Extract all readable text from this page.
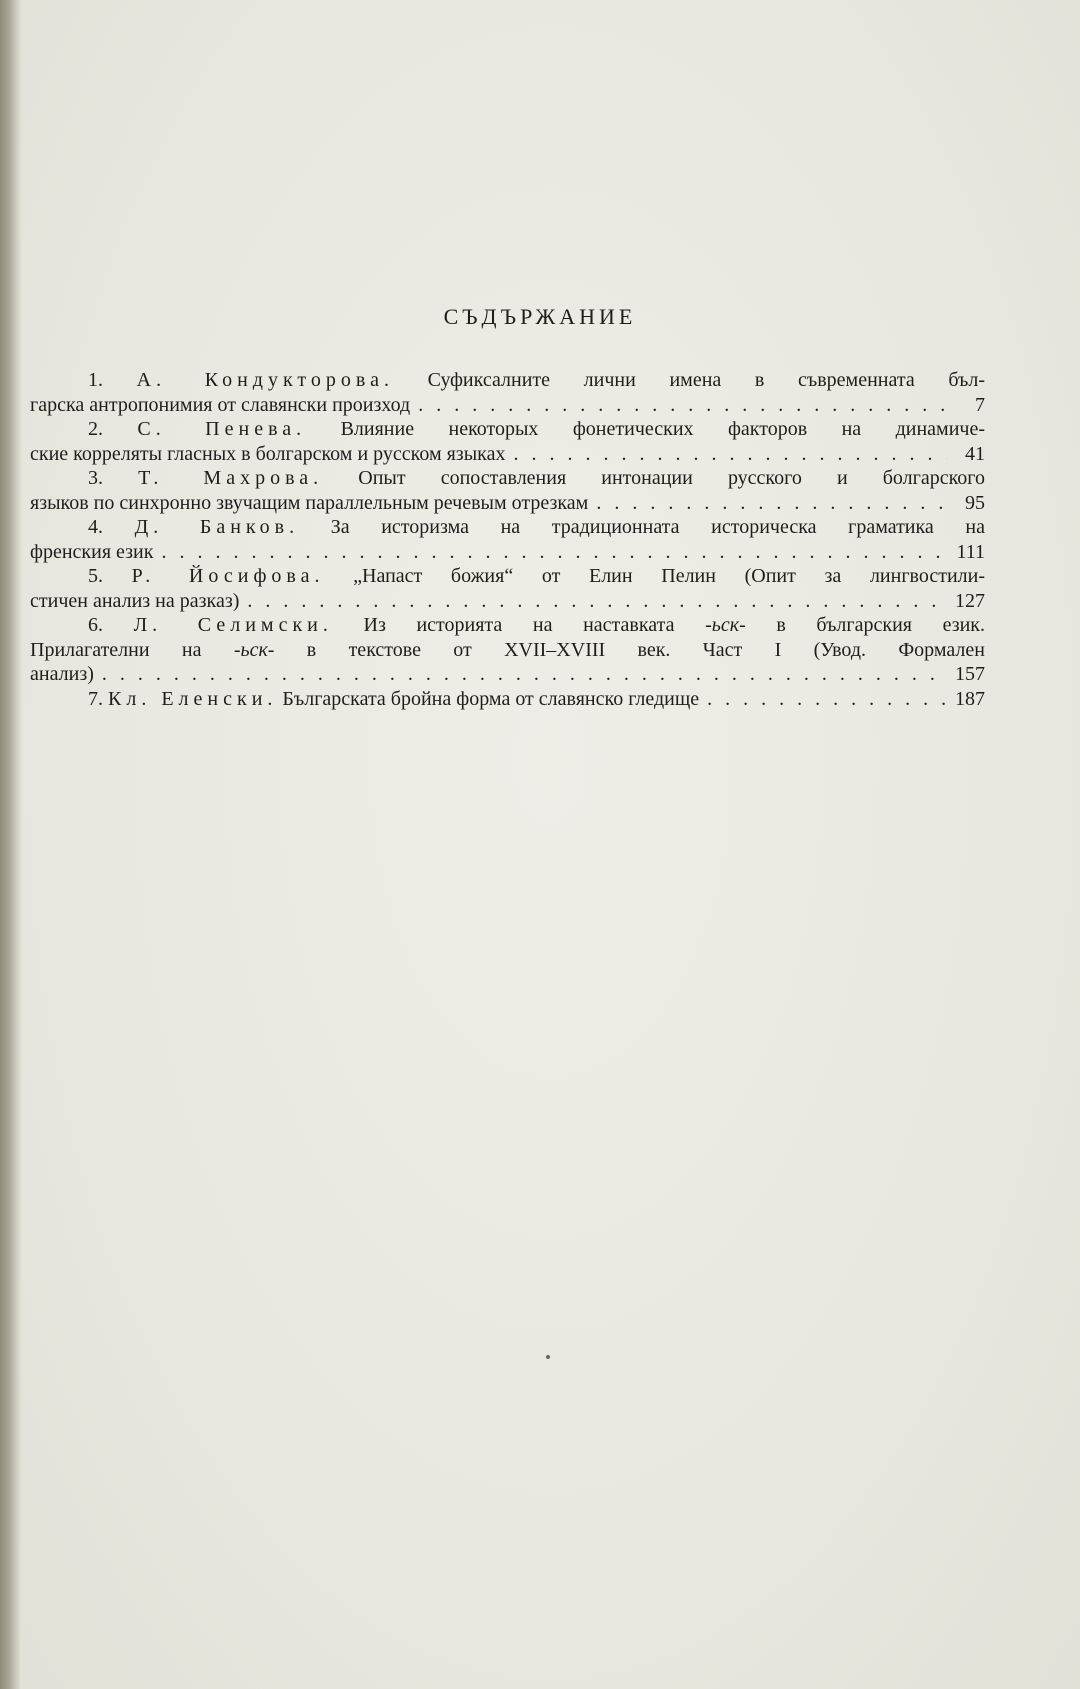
СЪДЪРЖАНИЕ
1. А. Кондукторова. Суфиксалните лични имена в съвременната бъл-
гарска антропонимия от славянски произход . . .	7
2. С. Пенева. Влияние некоторых фонетических факторов на динамиче-
ские корреляты гласных в болгарском и русском языках . . .	41
3. Т. Махрова. Опыт сопоставления интонации русского и болгарского
языков по синхронно звучащим параллельным речевым отрезкам . . .	95
4. Д. Банков. За историзма на традиционната историческа граматика на
френския език . . .	111
5. Р. Йосифова. „Напаст божия“ от Елин Пелин (Опит за лингвостили-
стичен анализ на разказ) . . .	127
6. Л. Селимски. Из историята на наставката -ьск- в българския език.
Прилагателни на -ьск- в текстове от XVII–XVIII век. Част I (Увод. Формален
анализ) . . .	157
7. Кл. Еленски. Българската бройна форма от славянско гледище . . .	187
